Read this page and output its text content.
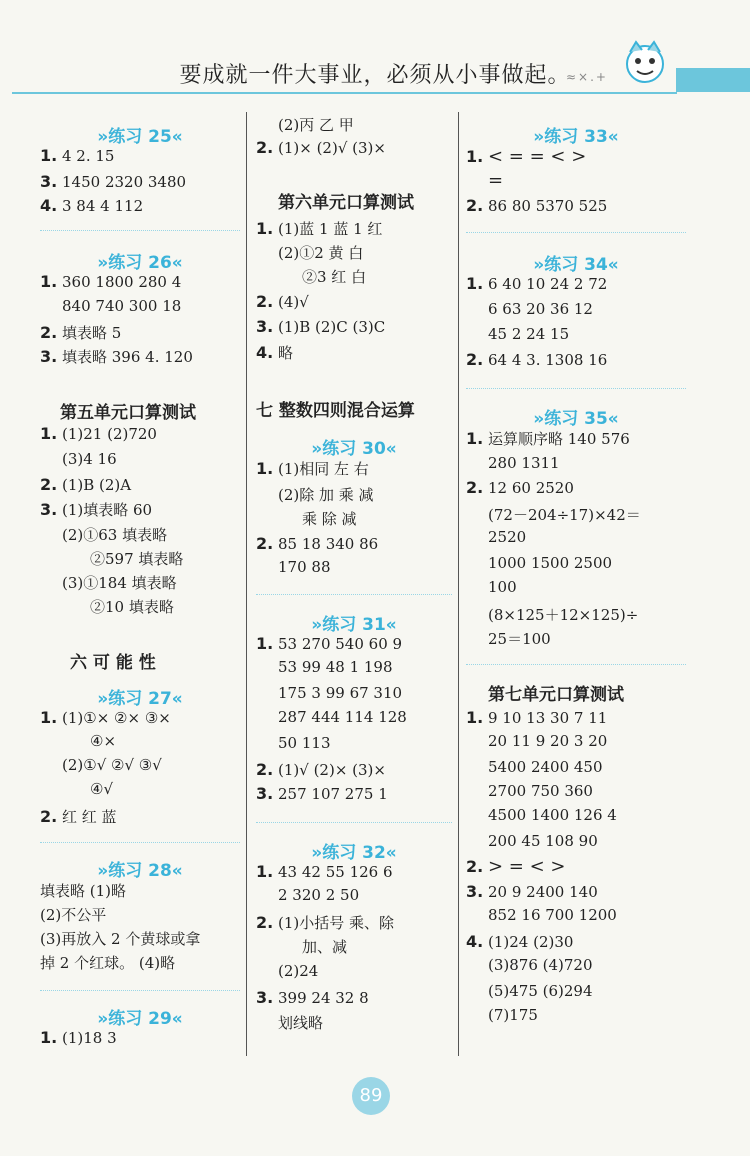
要成就一件大事业，必须从小事做起。
≈×.+
»练习 25«
1. 4 2. 15
3. 1450 2320 3480
4. 3 84 4 112
»练习 26«
1. 360 1800 280 4
840 740 300 18
2. 填表略 5
3. 填表略 396 4. 120
第五单元口算测试
1. (1)21 (2)720
(3)4 16
2. (1)B (2)A
3. (1)填表略 60
(2)①63 填表略
②597 填表略
(3)①184 填表略
②10 填表略
六 可 能 性
»练习 27«
1. (1)①× ②× ③×
④×
(2)①√ ②√ ③√
④√
2. 红 红 蓝
»练习 28«
填表略 (1)略
(2)不公平
(3)再放入 2 个黄球或拿
掉 2 个红球。 (4)略
»练习 29«
1. (1)18 3
(2)丙 乙 甲
2. (1)× (2)√ (3)×
第六单元口算测试
1. (1)蓝 1 蓝 1 红
(2)①2 黄 白
②3 红 白
2. (4)√
3. (1)B (2)C (3)C
4. 略
七 整数四则混合运算
»练习 30«
1. (1)相同 左 右
(2)除 加 乘 减
乘 除 减
2. 85 18 340 86
170 88
»练习 31«
1. 53 270 540 60 9
53 99 48 1 198
175 3 99 67 310
287 444 114 128
50 113
2. (1)√ (2)× (3)×
3. 257 107 275 1
»练习 32«
1. 43 42 55 126 6
2 320 2 50
2. (1)小括号 乘、除
加、减
(2)24
3. 399 24 32 8
划线略
»练习 33«
1. < = = < >
=
2. 86 80 5370 525
»练习 34«
1. 6 40 10 24 2 72
6 63 20 36 12
45 2 24 15
2. 64 4 3. 1308 16
»练习 35«
1. 运算顺序略 140 576
280 1311
2. 12 60 2520
(72－204÷17)×42＝
2520
1000 1500 2500
100
(8×125＋12×125)÷
25＝100
第七单元口算测试
1. 9 10 13 30 7 11
20 11 9 20 3 20
5400 2400 450
2700 750 360
4500 1400 126 4
200 45 108 90
2. > = < >
3. 20 9 2400 140
852 16 700 1200
4. (1)24 (2)30
(3)876 (4)720
(5)475 (6)294
(7)175
89
